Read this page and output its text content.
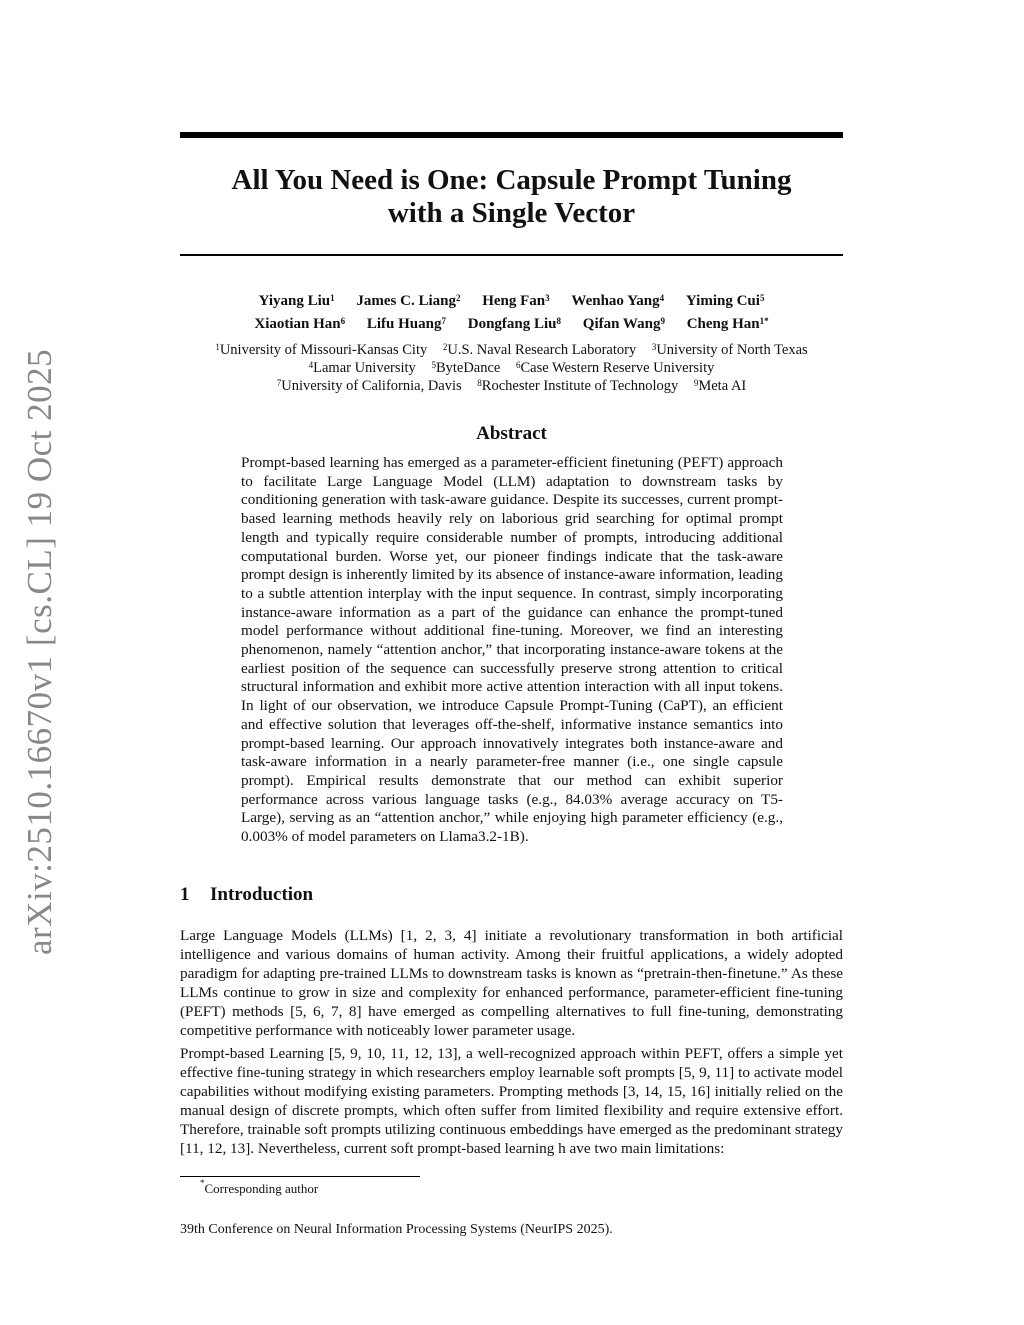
arXiv:2510.16670v1 [cs.CL] 19 Oct 2025
All You Need is One: Capsule Prompt Tuning
with a Single Vector
Yiyang Liu$^1$ James C. Liang$^2$ Heng Fan$^3$ Wenhao Yang$^4$ Yiming Cui$^5$
Xiaotian Han$^6$ Lifu Huang$^7$ Dongfang Liu$^8$ Qifan Wang$^9$ Cheng Han$^{1*}$
$^1$University of Missouri-Kansas City $^2$U.S. Naval Research Laboratory $^3$University of North Texas
$^4$Lamar University $^5$ByteDance $^6$Case Western Reserve University
$^7$University of California, Davis $^8$Rochester Institute of Technology $^9$Meta AI
Abstract
Prompt-based learning has emerged as a parameter-efficient finetuning (PEFT) approach to facilitate Large Language Model (LLM) adaptation to downstream tasks by conditioning generation with task-aware guidance. Despite its successes, current prompt-based learning methods heavily rely on laborious grid searching for optimal prompt length and typically require considerable number of prompts, introducing additional computational burden. Worse yet, our pioneer findings indicate that the task-aware prompt design is inherently limited by its absence of instance-aware information, leading to a subtle attention interplay with the input sequence. In contrast, simply incorporating instance-aware information as a part of the guidance can enhance the prompt-tuned model performance without additional fine-tuning. Moreover, we find an interesting phenomenon, namely “attention anchor,” that incorporating instance-aware tokens at the earliest position of the sequence can successfully preserve strong attention to critical structural information and exhibit more active attention interaction with all input tokens. In light of our observation, we introduce Capsule Prompt-Tuning (CaPT), an efficient and effective solution that leverages off-the-shelf, informative instance semantics into prompt-based learning. Our approach innovatively integrates both instance-aware and task-aware information in a nearly parameter-free manner (i.e., one single capsule prompt). Empirical results demonstrate that our method can exhibit superior performance across various language tasks (e.g., 84.03% average accuracy on T5-Large), serving as an “attention anchor,” while enjoying high parameter efficiency (e.g., 0.003% of model parameters on Llama3.2-1B).
1 Introduction
Large Language Models (LLMs) [1, 2, 3, 4] initiate a revolutionary transformation in both artificial intelligence and various domains of human activity. Among their fruitful applications, a widely adopted paradigm for adapting pre-trained LLMs to downstream tasks is known as “pretrain-then-finetune.” As these LLMs continue to grow in size and complexity for enhanced performance, parameter-efficient fine-tuning (PEFT) methods [5, 6, 7, 8] have emerged as compelling alternatives to full fine-tuning, demonstrating competitive performance with noticeably lower parameter usage.
Prompt-based Learning [5, 9, 10, 11, 12, 13], a well-recognized approach within PEFT, offers a simple yet effective fine-tuning strategy in which researchers employ learnable soft prompts [5, 9, 11] to activate model capabilities without modifying existing parameters. Prompting methods [3, 14, 15, 16] initially relied on the manual design of discrete prompts, which often suffer from limited flexibility and require extensive effort. Therefore, trainable soft prompts utilizing continuous embeddings have emerged as the predominant strategy [11, 12, 13]. Nevertheless, current soft prompt-based learning h ave two main limitations:
*Corresponding author
39th Conference on Neural Information Processing Systems (NeurIPS 2025).
